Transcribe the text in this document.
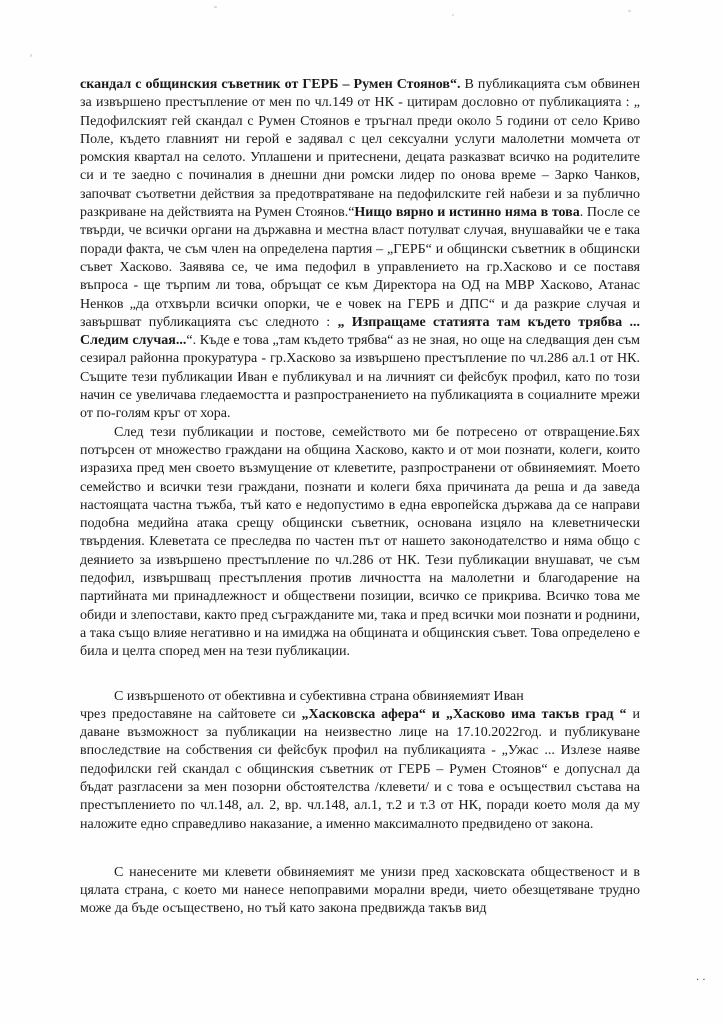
скандал с общинския съветник от ГЕРБ – Румен Стоянов“. В публикацията съм обвинен за извършено престъпление от мен по чл.149 от НК - цитирам дословно от публикацията : „ Педофилският гей скандал с Румен Стоянов е тръгнал преди около 5 години от село Криво Поле, където главният ни герой е задявал с цел сексуални услуги малолетни момчета от ромския квартал на селото. Уплашени и притеснени, децата разказват всичко на родителите си и те заедно с починалия в днешни дни ромски лидер по онова време – Зарко Чанков, започват съответни действия за предотвратяване на педофилските гей набези и за публично разкриване на действията на Румен Стоянов.“Нищо вярно и истинно няма в това. После се твърди, че всички органи на държавна и местна власт потулват случая, внушавайки че е така поради факта, че съм член на определена партия – „ГЕРБ“ и общински съветник в общински съвет Хасково. Заявява се, че има педофил в управлението на гр.Хасково и се поставя въпроса - ще търпим ли това, обръщат се към Директора на ОД на МВР Хасково, Атанас Ненков „да отхвърли всички опорки, че е човек на ГЕРБ и ДПС“ и да разкрие случая и завършват публикацията със следното : „ Изпращаме статията там където трябва ... Следим случая...“. Къде е това „там където трябва“ аз не зная, но още на следващия ден съм сезирал районна прокуратура - гр.Хасково за извършено престъпление по чл.286 ал.1 от НК. Същите тези публикации Иван е публикувал и на личният си фейсбук профил, като по този начин се увеличава гледаемостта и разпространението на публикацията в социалните мрежи от по-голям кръг от хора.

След тези публикации и постове, семейството ми бе потресено от отвращение.Бях потърсен от множество граждани на община Хасково, както и от мои познати, колеги, които изразиха пред мен своето възмущение от клеветите, разпространени от обвиняемият. Моето семейство и всички тези граждани, познати и колеги бяха причината да реша и да заведа настоящата частна тъжба, тъй като е недопустимо в една европейска държава да се направи подобна медийна атака срещу общински съветник, основана изцяло на клеветнически твърдения. Клеветата се преследва по частен път от нашето законодателство и няма общо с деянието за извършено престъпление по чл.286 от НК. Тези публикации внушават, че съм педофил, извършващ престъпления против личността на малолетни и благодарение на партийната ми принадлежност и обществени позиции, всичко се прикрива. Всичко това ме обиди и злепостави, както пред съгражданите ми, така и пред всички мои познати и роднини, а така също влияе негативно и на имиджа на общината и общинския съвет. Това определено е била и целта според мен на тези публикации.

С извършеното от обективна и субективна страна обвиняемият Иван
чрез предоставяне на сайтовете си „Хасковска афера“ и „Хасково има такъв град “ и даване възможност за публикации на неизвестно лице на 17.10.2022год. и публикуване впоследствие на собствения си фейсбук профил на публикацията - „Ужас ... Излезе наяве педофилски гей скандал с общинския съветник от ГЕРБ – Румен Стоянов“ е допуснал да бъдат разгласени за мен позорни обстоятелства /клевети/ и с това е осъществил състава на престъплението по чл.148, ал. 2, вр. чл.148, ал.1, т.2 и т.3 от НК, поради което моля да му наложите едно справедливо наказание, а именно максималното предвидено от закона.

С нанесените ми клевети обвиняемият ме унизи пред хасковската общественост и в цялата страна, с което ми нанесе непоправими морални вреди, чието обезщетяване трудно може да бъде осъществено, но тъй като закона предвижда такъв вид

. .
